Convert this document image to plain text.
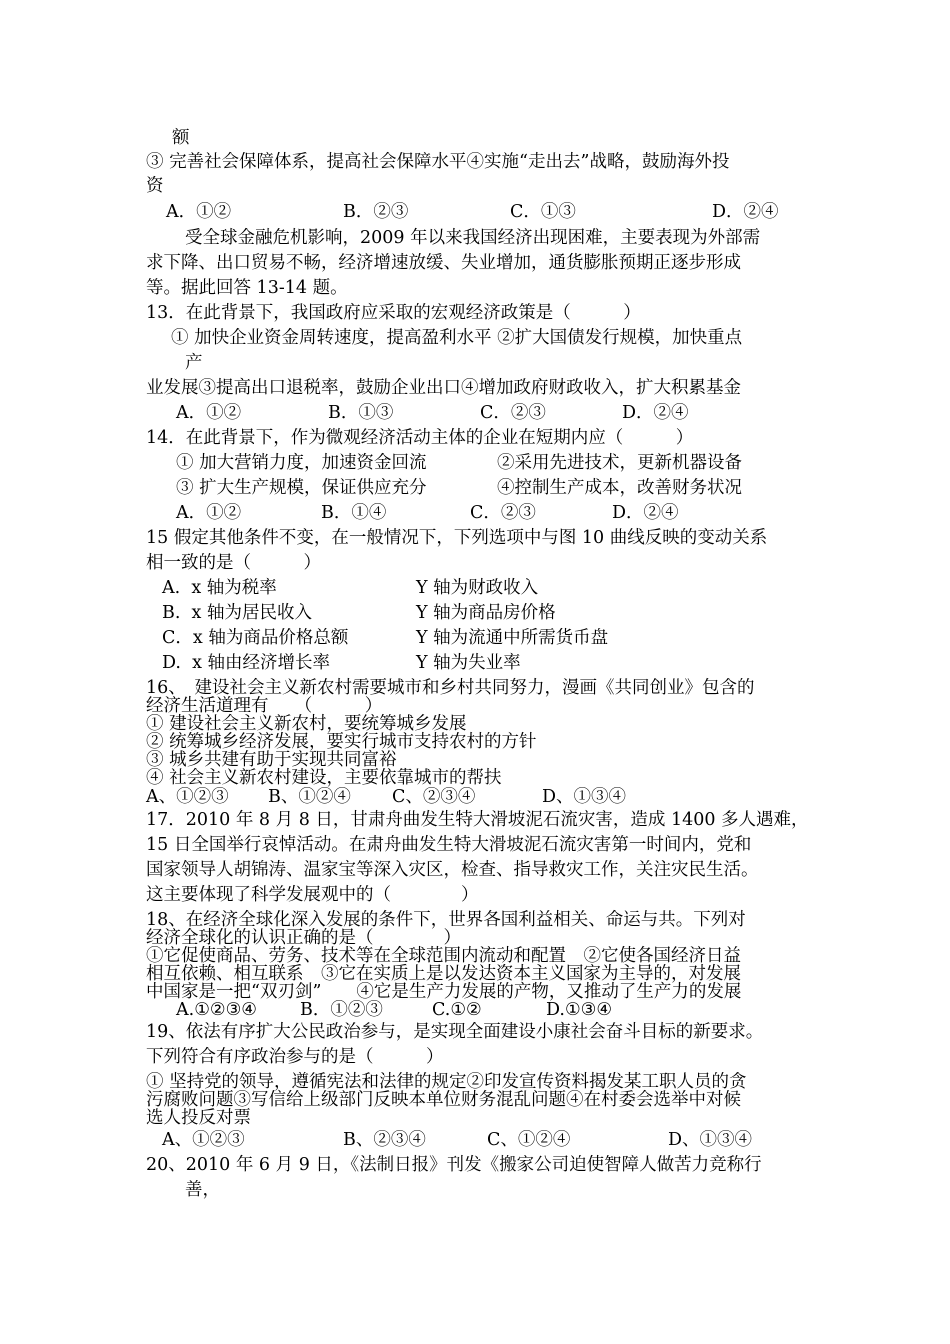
额
③ 完善社会保障体系，提高社会保障水平④实施“走出去”战略，鼓励海外投
资
A．①②	B．②③	C．①③	D．②④
受全球金融危机影响，2009 年以来我国经济出现困难，主要表现为外部需
求下降、出口贸易不畅，经济增速放缓、失业增加，通货膨胀预期正逐步形成
等。据此回答 13-14 题。
13．在此背景下，我国政府应采取的宏观经济政策是（　　　）
① 加快企业资金周转速度，提高盈利水平 ②扩大国债发行规模，加快重点
产
业发展③提高出口退税率，鼓励企业出口④增加政府财政收入，扩大积累基金
A．①②	B．①③	C．②③	D．②④
14．在此背景下，作为微观经济活动主体的企业在短期内应（　　　）
① 加大营销力度，加速资金回流	②采用先进技术，更新机器设备
③ 扩大生产规模，保证供应充分	④控制生产成本，改善财务状况
A．①②	B．①④	C．②③	D．②④
15 假定其他条件不变，在一般情况下，下列选项中与图 10 曲线反映的变动关系
相一致的是（　　　）
A.  x 轴为税率	Y 轴为财政收入
B.  x 轴为居民收入	Y 轴为商品房价格
C．x 轴为商品价格总额	Y 轴为流通中所需货币盘
D.  x 轴由经济增长率	Y 轴为失业率
16、　建设社会主义新农村需要城市和乡村共同努力，漫画《共同创业》包含的
经济生活道理有　　（　　　）
① 建设社会主义新农村，要统筹城乡发展
② 统筹城乡经济发展，要实行城市支持农村的方针
③ 城乡共建有助于实现共同富裕
④ 社会主义新农村建设，主要依靠城市的帮扶
A、①②③ B、①②④ C、②③④	D、①③④
17．2010 年 8 月 8 日，甘肃舟曲发生特大滑坡泥石流灾害，造成 1400 多人遇难，
15 日全国举行哀悼活动。在肃舟曲发生特大滑坡泥石流灾害第一时间内，党和
国家领导人胡锦涛、温家宝等深入灾区，检查、指导救灾工作，关注灾民生活。
这主要体现了科学发展观中的（　　　　）
18、在经济全球化深入发展的条件下，世界各国利益相关、命运与共。下列对
经济全球化的认识正确的是（　　　　）
①它促使商品、劳务、技术等在全球范围内流动和配置　②它使各国经济日益
相互依赖、相互联系　③它在实质上是以发达资本主义国家为主导的，对发展
中国家是一把“双刃剑”　　④它是生产力发展的产物，又推动了生产力的发展
A.①②③④ B．①②③	C.①②	D.①③④
19、依法有序扩大公民政治参与，是实现全面建设小康社会奋斗目标的新要求。
下列符合有序政治参与的是（　　　）
① 坚持党的领导，遵循宪法和法律的规定②印发宣传资料揭发某工职人员的贪
污腐败问题③写信给上级部门反映本单位财务混乱问题④在村委会选举中对候
选人投反对票
A、①②③	B、②③④	C、①②④	D、①③④
20、2010 年 6 月 9 日，《法制日报》刊发《搬家公司迫使智障人做苦力竞称行
善，
